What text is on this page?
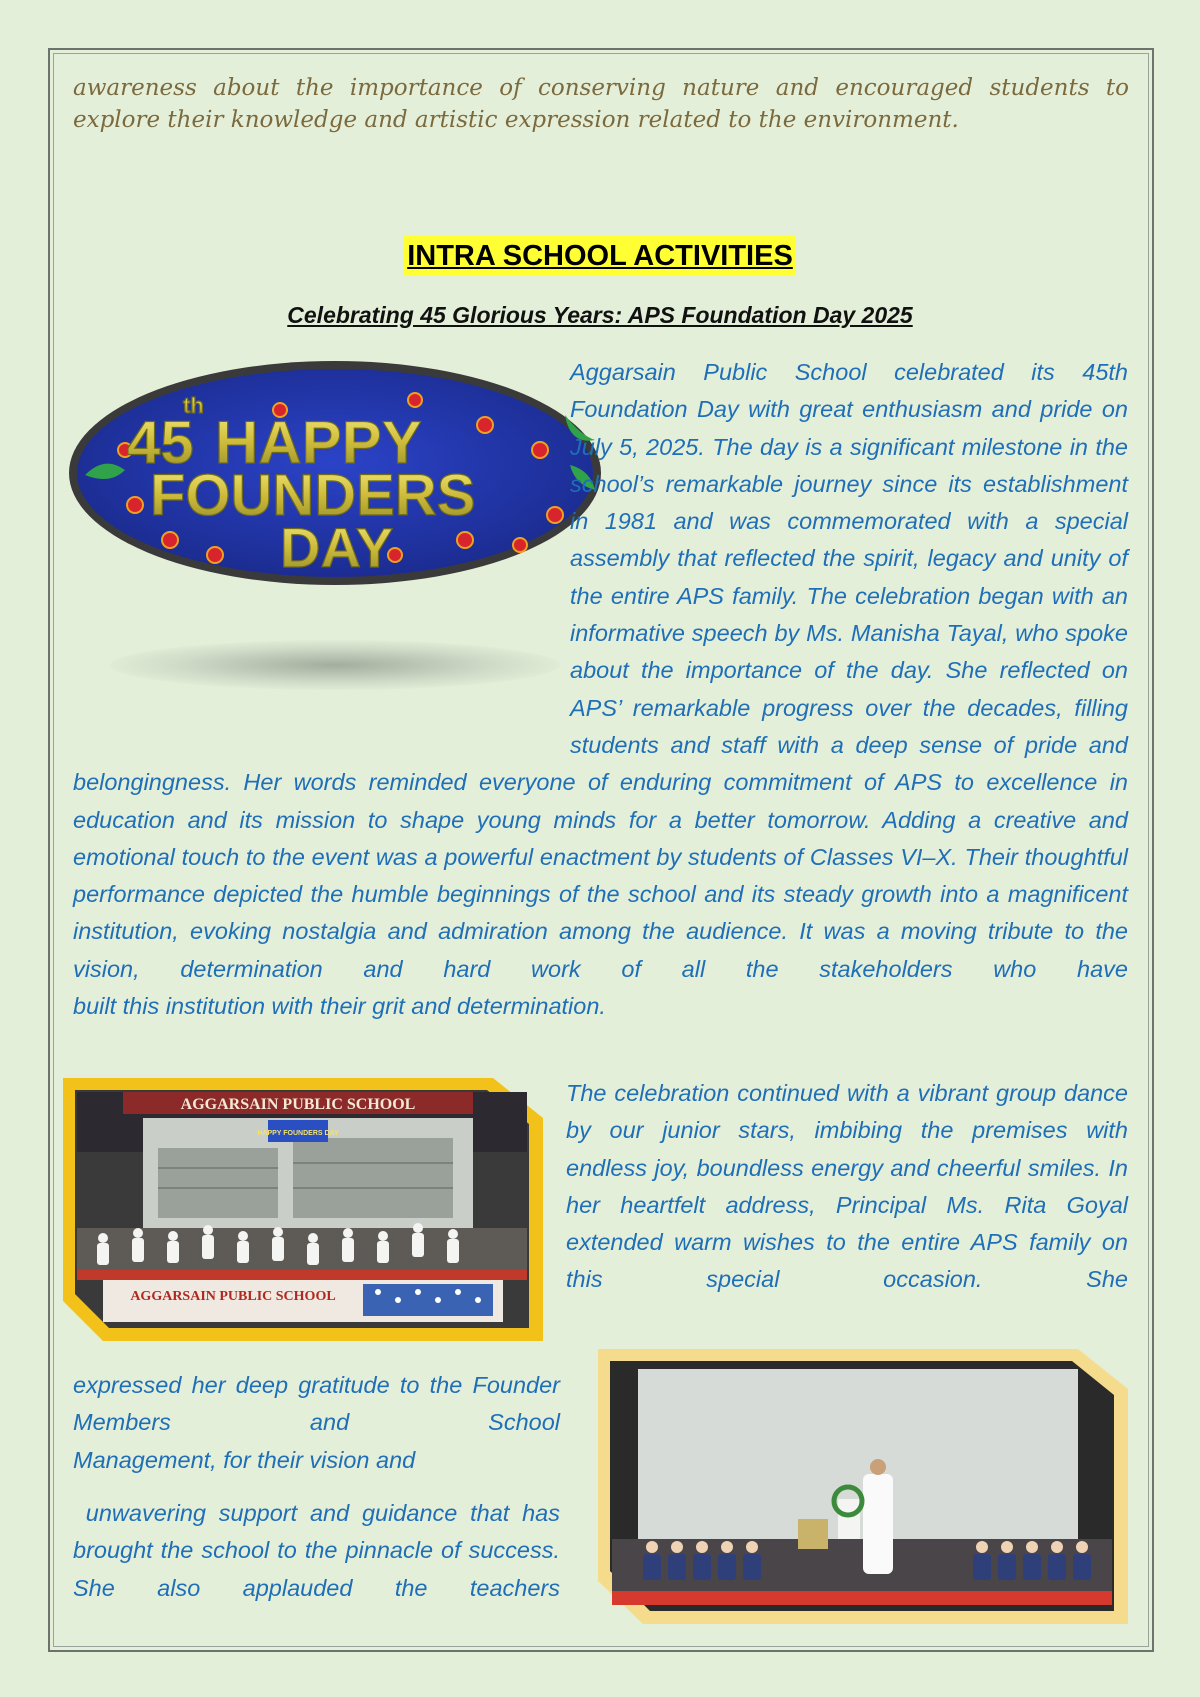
awareness about the importance of conserving nature and encouraged students to explore their knowledge and artistic expression related to the environment.

INTRA SCHOOL ACTIVITIES
Celebrating 45 Glorious Years: APS Foundation Day 2025
45
th
HAPPY
FOUNDERS
DAY

Aggarsain Public School celebrated its 45th Foundation Day with great enthusiasm and pride on July 5, 2025. The day is a significant milestone in the school’s remarkable journey since its establishment in 1981 and was commemorated with a special assembly that reflected the spirit, legacy and unity of the entire APS family. The celebration began with an informative speech by Ms. Manisha Tayal, who spoke about the importance of the day. She reflected on APS’ remarkable progress over the decades, filling students and staff with a deep sense of pride and belongingness. Her words reminded everyone of enduring commitment of APS to excellence in education and its mission to shape young minds for a better tomorrow. Adding a creative and emotional touch to the event was a powerful enactment by students of Classes VI–X. Their thoughtful performance depicted the humble beginnings of the school and its steady growth into a magnificent institution, evoking nostalgia and admiration among the audience. It was a moving tribute to the vision, determination and hard work of all the stakeholders who have

built this institution with their grit and determination.

AGGARSAIN PUBLIC SCHOOL
HAPPY FOUNDERS DAY
AGGARSAIN PUBLIC SCHOOL
The celebration continued with a vibrant group dance by our junior stars, imbibing the premises with endless joy, boundless energy and cheerful smiles. In her heartfelt address, Principal Ms. Rita Goyal extended warm wishes to the entire APS family on this special occasion. She
expressed her deep gratitude to the Founder Members and School
Management, for their vision and
unwavering support and guidance that has brought the school to the pinnacle of success. She also applauded the teachers
